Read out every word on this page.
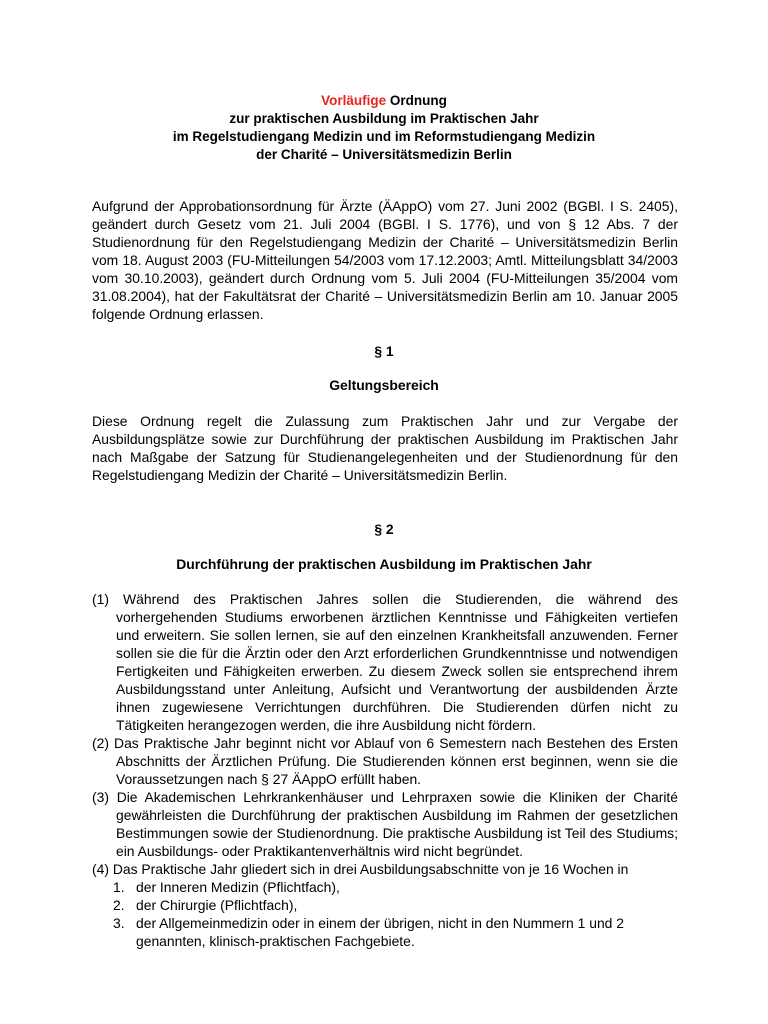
Vorläufige Ordnung
zur praktischen Ausbildung im Praktischen Jahr
im Regelstudiengang Medizin und im Reformstudiengang Medizin
der Charité – Universitätsmedizin Berlin
Aufgrund der Approbationsordnung für Ärzte (ÄAppO) vom 27. Juni 2002 (BGBl. I S. 2405), geändert durch Gesetz vom 21. Juli 2004 (BGBl. I S. 1776), und von § 12 Abs. 7 der Studienordnung für den Regelstudiengang Medizin der Charité – Universitätsmedizin Berlin vom 18. August 2003 (FU-Mitteilungen 54/2003 vom 17.12.2003; Amtl. Mitteilungsblatt 34/2003 vom 30.10.2003), geändert durch Ordnung vom 5. Juli 2004 (FU-Mitteilungen 35/2004 vom 31.08.2004), hat der Fakultätsrat der Charité – Universitätsmedizin Berlin am 10. Januar 2005 folgende Ordnung erlassen.
§ 1
Geltungsbereich
Diese Ordnung regelt die Zulassung zum Praktischen Jahr und zur Vergabe der Ausbildungsplätze sowie zur Durchführung der praktischen Ausbildung im Praktischen Jahr nach Maßgabe der Satzung für Studienangelegenheiten und der Studienordnung für den Regelstudiengang Medizin der Charité – Universitätsmedizin Berlin.
§ 2
Durchführung der praktischen Ausbildung im Praktischen Jahr
(1) Während des Praktischen Jahres sollen die Studierenden, die während des vorhergehenden Studiums erworbenen ärztlichen Kenntnisse und Fähigkeiten vertiefen und erweitern. Sie sollen lernen, sie auf den einzelnen Krankheitsfall anzuwenden. Ferner sollen sie die für die Ärztin oder den Arzt erforderlichen Grundkenntnisse und notwendigen Fertigkeiten und Fähigkeiten erwerben. Zu diesem Zweck sollen sie entsprechend ihrem Ausbildungsstand unter Anleitung, Aufsicht und Verantwortung der ausbildenden Ärzte ihnen zugewiesene Verrichtungen durchführen. Die Studierenden dürfen nicht zu Tätigkeiten herangezogen werden, die ihre Ausbildung nicht fördern.
(2) Das Praktische Jahr beginnt nicht vor Ablauf von 6 Semestern nach Bestehen des Ersten Abschnitts der Ärztlichen Prüfung. Die Studierenden können erst beginnen, wenn sie die Voraussetzungen nach § 27 ÄAppO erfüllt haben.
(3) Die Akademischen Lehrkrankenhäuser und Lehrpraxen sowie die Kliniken der Charité gewährleisten die Durchführung der praktischen Ausbildung im Rahmen der gesetzlichen Bestimmungen sowie der Studienordnung. Die praktische Ausbildung ist Teil des Studiums; ein Ausbildungs- oder Praktikantenverhältnis wird nicht begründet.
(4) Das Praktische Jahr gliedert sich in drei Ausbildungsabschnitte von je 16 Wochen in
1. der Inneren Medizin (Pflichtfach),
2. der Chirurgie (Pflichtfach),
3. der Allgemeinmedizin oder in einem der übrigen, nicht in den Nummern 1 und 2 genannten, klinisch-praktischen Fachgebiete.
